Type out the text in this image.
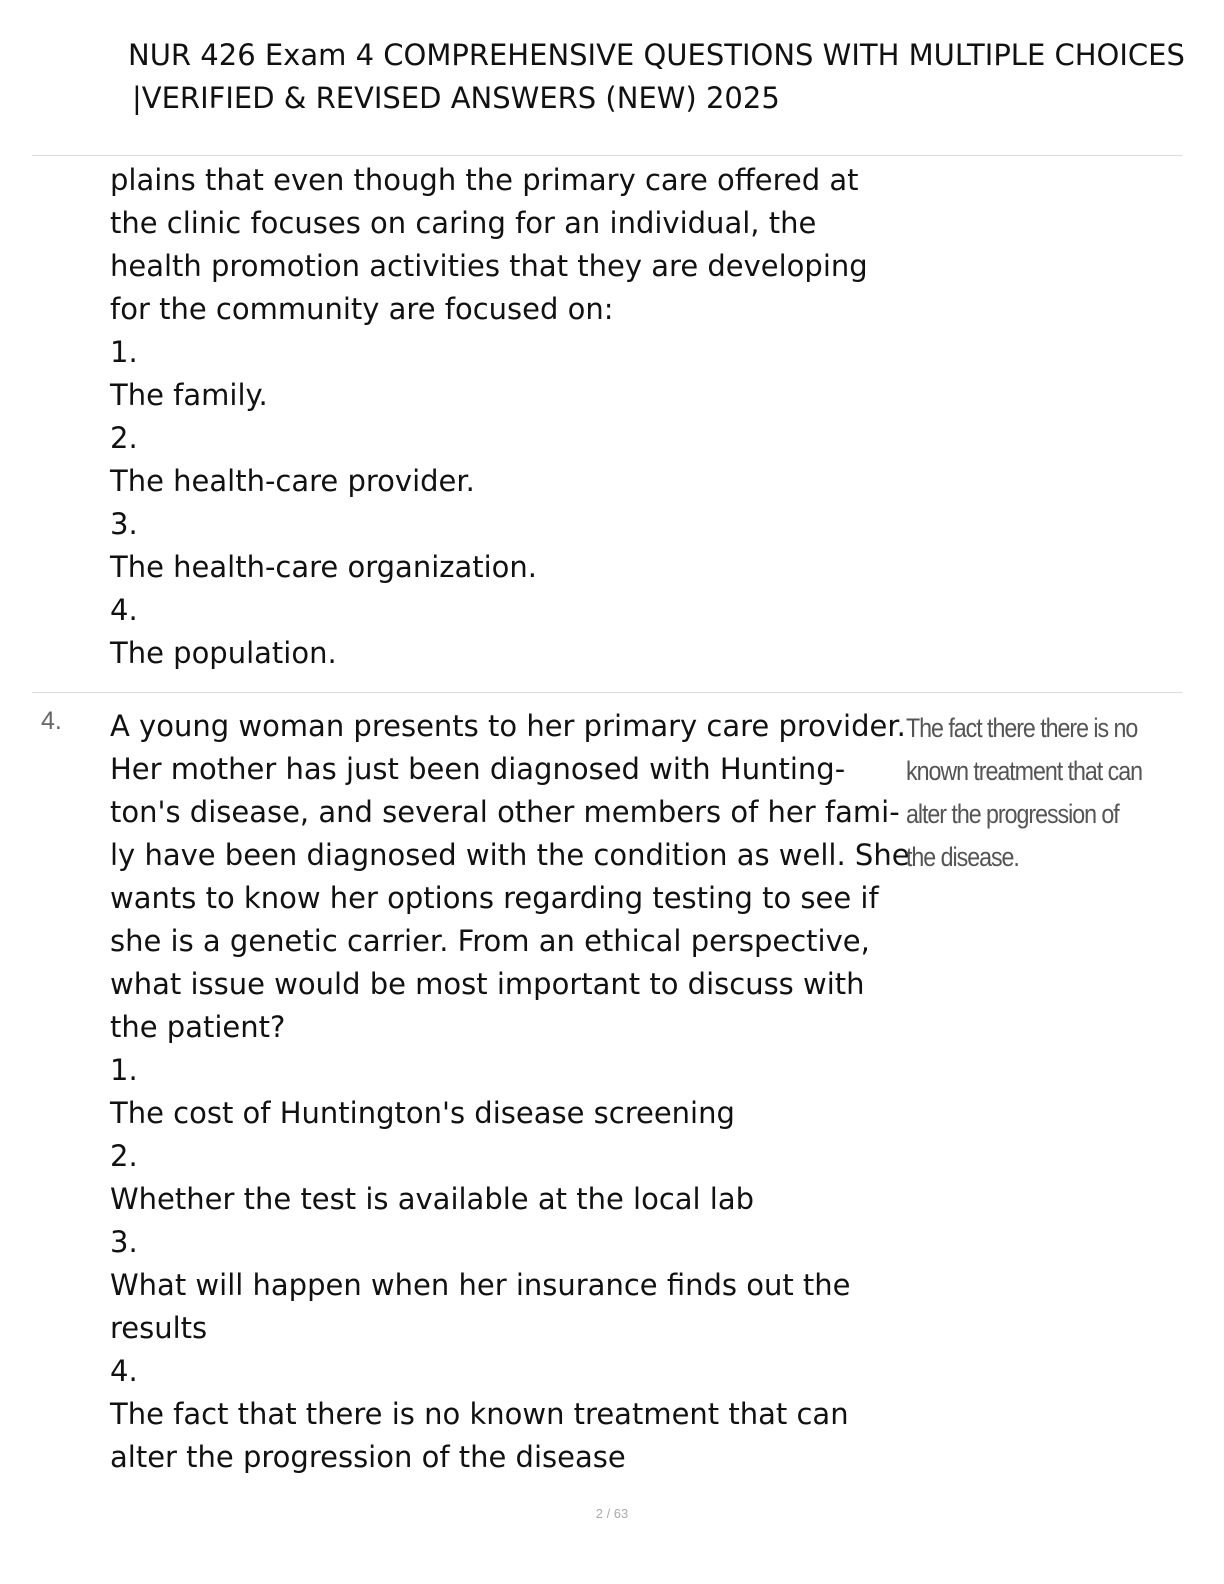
NUR 426 Exam 4 COMPREHENSIVE QUESTIONS WITH MULTIPLE CHOICES
|VERIFIED & REVISED ANSWERS (NEW) 2025
plains that even though the primary care offered at
the clinic focuses on caring for an individual, the
health promotion activities that they are developing
for the community are focused on:
1.
The family.
2.
The health-care provider.
3.
The health-care organization.
4.
The population.
4. A young woman presents to her primary care provider.
Her mother has just been diagnosed with Hunting-
ton's disease, and several other members of her fami-
ly have been diagnosed with the condition as well. She
wants to know her options regarding testing to see if
she is a genetic carrier. From an ethical perspective,
what issue would be most important to discuss with
the patient?
1.
The cost of Huntington's disease screening
2.
Whether the test is available at the local lab
3.
What will happen when her insurance finds out the
results
4.
The fact that there is no known treatment that can
alter the progression of the disease
The fact there there is no
known treatment that can
alter the progression of
the disease.
2 / 63
